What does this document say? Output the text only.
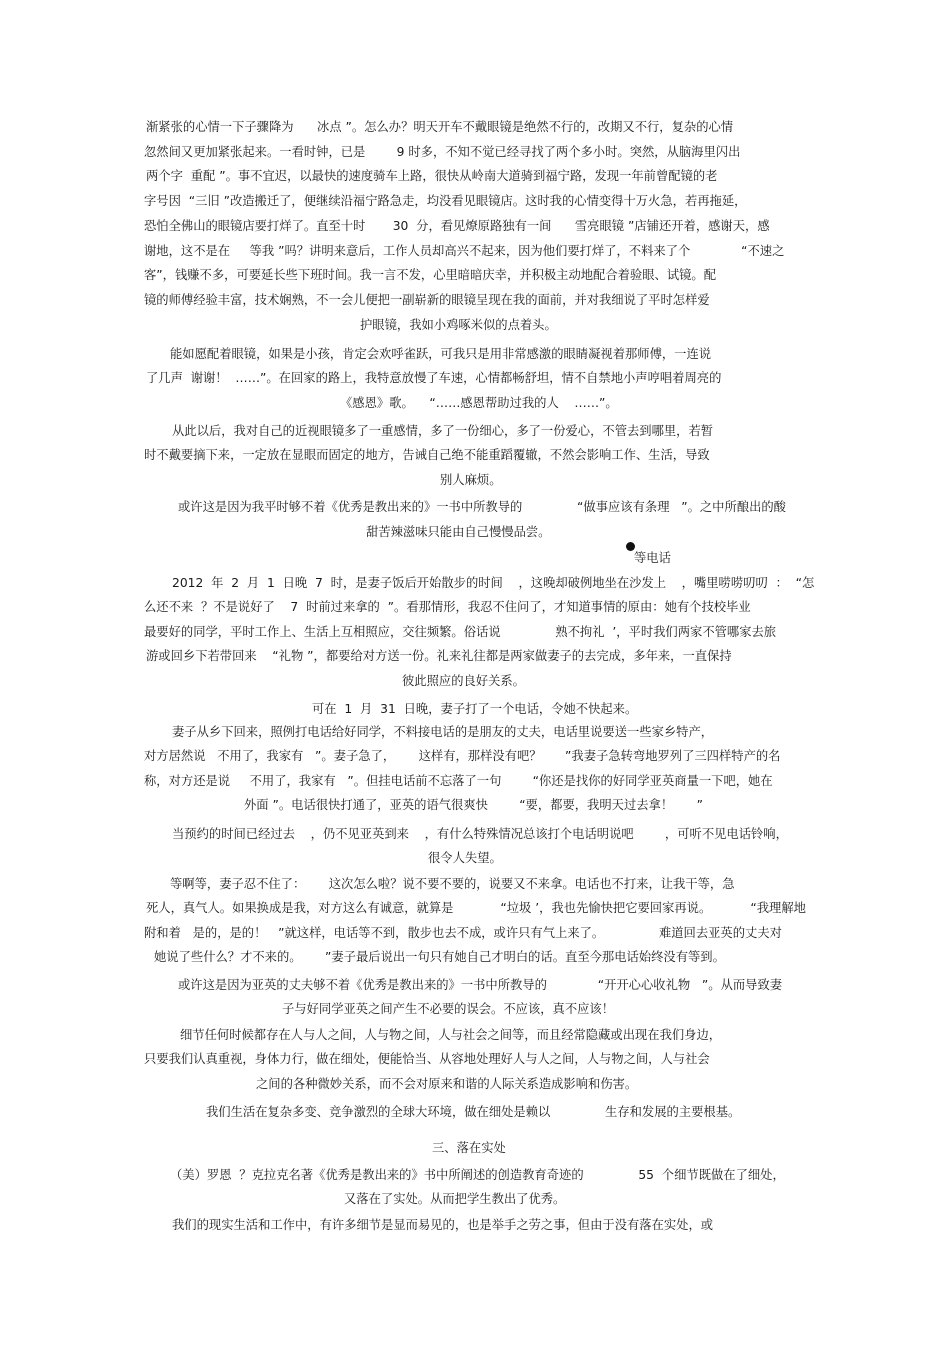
渐紧张的心情一下子骤降为      冰点 ”。怎么办？明天开车不戴眼镜是绝然不行的，改期又不行，复杂的心情
忽然间又更加紧张起来。一看时钟，已是        9 时多，不知不觉已经寻找了两个多小时。突然，从脑海里闪出
两个字  重配 ”。事不宜迟，以最快的速度骑车上路，很快从岭南大道骑到福宁路，发现一年前曾配镜的老
字号因  “三旧 ”改造搬迁了，便继续沿福宁路急走，均没看见眼镜店。这时我的心情变得十万火急，若再拖延，
恐怕全佛山的眼镜店要打烊了。直至十时       30  分，看见燎原路独有一间      雪亮眼镜 ”店铺还开着，感谢天，感
谢地，这不是在     等我 ”吗？讲明来意后，工作人员却高兴不起来，因为他们要打烊了，不料来了个             “不速之
客”，钱赚不多，可要延长些下班时间。我一言不发，心里暗暗庆幸，并积极主动地配合着验眼、试镜。配
镜的师傅经验丰富，技术娴熟，不一会儿便把一副崭新的眼镜呈现在我的面前，并对我细说了平时怎样爱
护眼镜，我如小鸡啄米似的点着头。
能如愿配着眼镜，如果是小孩，肯定会欢呼雀跃，可我只是用非常感激的眼睛凝视着那师傅，一连说
了几声  谢谢！  ……”。在回家的路上，我特意放慢了车速，心情都畅舒坦，情不自禁地小声哼唱着周亮的
《感恩》歌。    “……感恩帮助过我的人    ……”。
从此以后，我对自己的近视眼镜多了一重感情，多了一份细心，多了一份爱心，不管去到哪里，若暂
时不戴要摘下来，一定放在显眼而固定的地方，告诫自己绝不能重蹈覆辙，不然会影响工作、生活，导致
别人麻烦。
或许这是因为我平时够不着《优秀是教出来的》一书中所教导的              “做事应该有条理   ”。之中所酿出的酸
甜苦辣滋味只能由自己慢慢品尝。
等电话
2012  年  2  月  1  日晚  7  时，是妻子饭后开始散步的时间    ，这晚却破例地坐在沙发上    ，嘴里唠唠叨叨  ：  “怎
么还不来  ？不是说好了    7  时前过来拿的  ”。看那情形，我忍不住问了，才知道事情的原由：她有个技校毕业
最要好的同学，平时工作上、生活上互相照应，交往频繁。俗话说              熟不拘礼  ’，平时我们两家不管哪家去旅
游或回乡下若带回来    “礼物 ”，都要给对方送一份。礼来礼往都是两家做妻子的去完成，多年来，一直保持
彼此照应的良好关系。
可在  1  月  31  日晚，妻子打了一个电话，令她不快起来。
妻子从乡下回来，照例打电话给好同学，不料接电话的是朋友的丈夫，电话里说要送一些家乡特产，
对方居然说   不用了，我家有   ”。妻子急了，      这样有，那样没有吧？      ”我妻子急转弯地罗列了三四样特产的名
称，对方还是说     不用了，我家有   ”。但挂电话前不忘落了一句        “你还是找你的好同学亚英商量一下吧，她在
外面 ”。电话很快打通了，亚英的语气很爽快        “要，都要，我明天过去拿！      ”
当预约的时间已经过去    ，仍不见亚英到来    ，有什么特殊情况总该打个电话明说吧        ，可听不见电话铃响，
很令人失望。
等啊等，妻子忍不住了：      这次怎么啦？说不要不要的，说要又不来拿。电话也不打来，让我干等，急
死人，真气人。如果换成是我，对方这么有诚意，就算是            “垃圾 ’，我也先愉快把它要回家再说。          “我理解地
附和着   是的，是的！   ”就这样，电话等不到，散步也去不成，或许只有气上来了。              难道回去亚英的丈夫对
她说了些什么？才不来的。      ”妻子最后说出一句只有她自己才明白的话。直至今那电话始终没有等到。
或许这是因为亚英的丈夫够不着《优秀是教出来的》一书中所教导的             “开开心心收礼物   ”。从而导致妻
子与好同学亚英之间产生不必要的误会。不应该，真不应该！
细节任何时候都存在人与人之间，人与物之间，人与社会之间等，而且经常隐藏或出现在我们身边，
只要我们认真重视，身体力行，做在细处，便能恰当、从容地处理好人与人之间，人与物之间，人与社会
之间的各种微妙关系，而不会对原来和谐的人际关系造成影响和伤害。
我们生活在复杂多变、竞争激烈的全球大环境，做在细处是赖以              生存和发展的主要根基。
三、落在实处
（美）罗恩  ？克拉克名著《优秀是教出来的》书中所阐述的创造教育奇迹的              55  个细节既做在了细处，
又落在了实处。从而把学生教出了优秀。
我们的现实生活和工作中，有许多细节是显而易见的，也是举手之劳之事，但由于没有落在实处，或
